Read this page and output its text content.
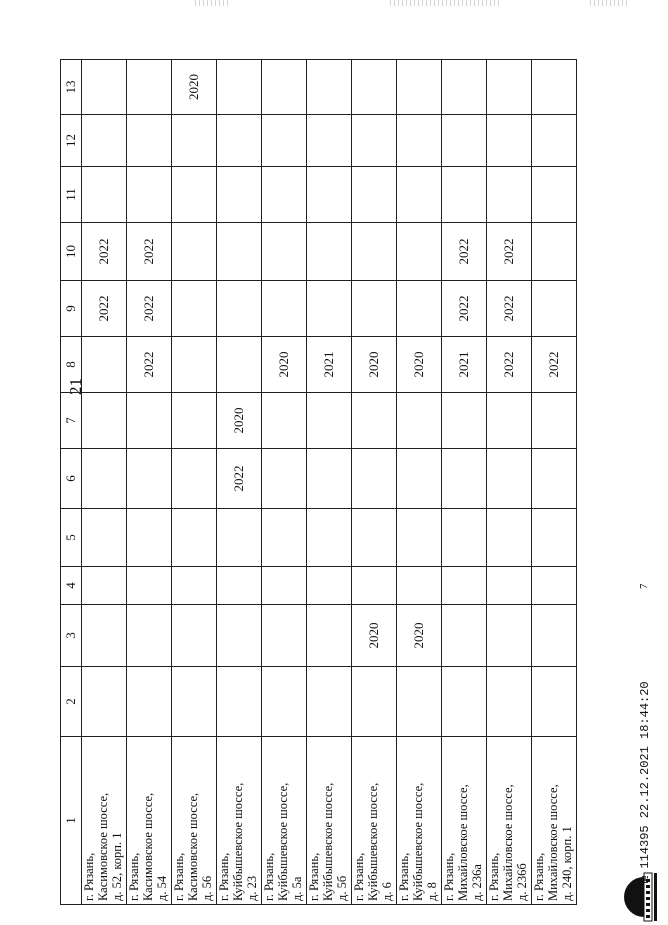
21
1	2	3	4	5	6	7	8	9	10	11	12	13

г. Рязань, Касимовское шоссе, д. 52, корп. 1								2022	2022			

г. Рязань, Касимовское шоссе, д. 54							2022	2022	2022			

г. Рязань, Касимовское шоссе, д. 56												2020

г. Рязань, Куйбышевское шоссе, д. 23					2022	2020						

г. Рязань, Куйбышевское шоссе, д. 5а							2020					

г. Рязань, Куйбышевское шоссе, д. 5б							2021					

г. Рязань, Куйбышевское шоссе, д. 6		2020					2020					

г. Рязань, Куйбышевское шоссе, д. 8		2020					2020					

г. Рязань, Михайловское шоссе, д. 236а							2021	2022	2022			

г. Рязань, Михайловское шоссе, д. 236б							2022	2022	2022			

г. Рязань, Михайловское шоссе, д. 240, корп. 1							2022					
№ 114395 22.12.2021 18:44:20
7
